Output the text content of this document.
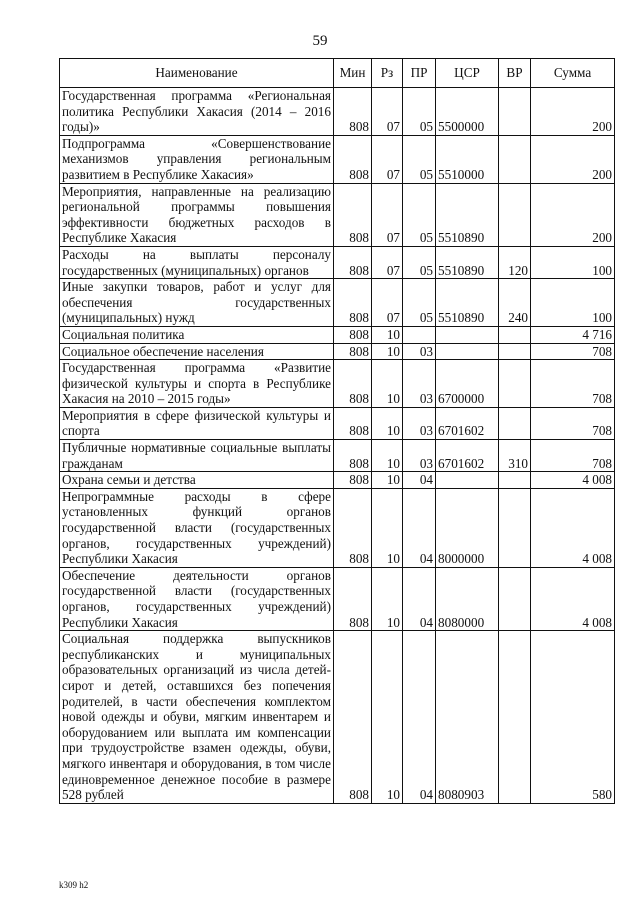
59
Наименование	Мин	Рз	ПР	ЦСР	ВР	Сумма
Государственная программа «Региональная политика Республики Хакасия (2014 – 2016 годы)»	808	07	05	5500000		200
Подпрограмма «Совершенствование механизмов управления региональным развитием в Республике Хакасия»	808	07	05	5510000		200
Мероприятия, направленные на реализацию региональной программы повышения эффективности бюджетных расходов в Республике Хакасия	808	07	05	5510890		200
Расходы на выплаты персоналу государственных (муниципальных) органов	808	07	05	5510890	120	100
Иные закупки товаров, работ и услуг для обеспечения государственных (муниципальных) нужд	808	07	05	5510890	240	100
Социальная политика	808	10				4 716
Социальное обеспечение населения	808	10	03			708
Государственная программа «Развитие физической культуры и спорта в Республике Хакасия на 2010 – 2015 годы»	808	10	03	6700000		708
Мероприятия в сфере физической культуры и спорта	808	10	03	6701602		708
Публичные нормативные социальные выплаты гражданам	808	10	03	6701602	310	708
Охрана семьи и детства	808	10	04			4 008
Непрограммные расходы в сфере установленных функций органов государственной власти (государственных органов, государственных учреждений) Республики Хакасия	808	10	04	8000000		4 008
Обеспечение деятельности органов государственной власти (государственных органов, государственных учреждений) Республики Хакасия	808	10	04	8080000		4 008
Социальная поддержка выпускников республиканских и муниципальных образовательных организаций из числа детей-сирот и детей, оставшихся без попечения родителей, в части обеспечения комплектом новой одежды и обуви, мягким инвентарем и оборудованием или выплата им компенсации при трудоустройстве взамен одежды, обуви, мягкого инвентаря и оборудования, в том числе единовременное денежное пособие в размере 528 рублей	808	10	04	8080903		580
k309 h2
